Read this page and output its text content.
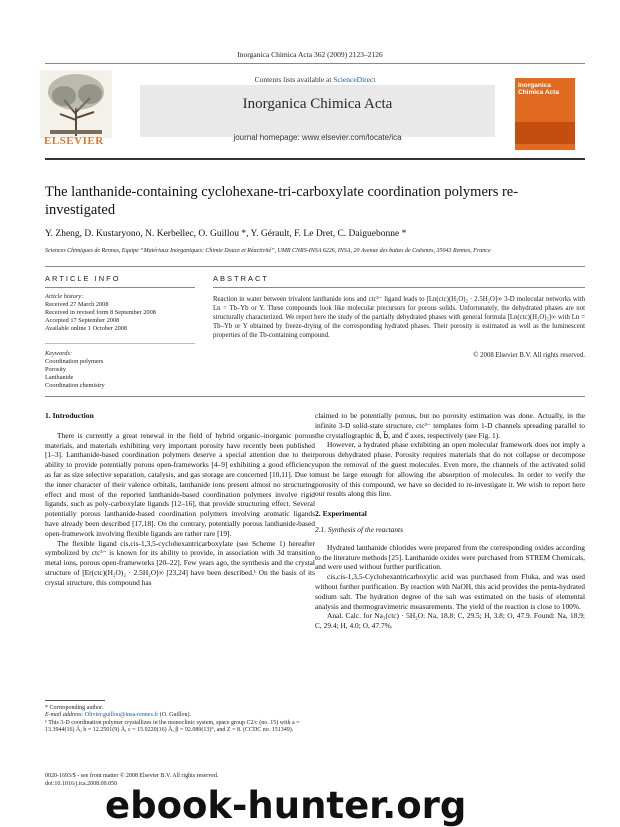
Inorganica Chimica Acta 362 (2009) 2123–2126
ELSEVIER
Contents lists available at ScienceDirect
Inorganica Chimica Acta
journal homepage: www.elsevier.com/locate/ica
Inorganica Chimica Acta
The lanthanide-containing cyclohexane-tri-carboxylate coordination polymers re-investigated
Y. Zheng, D. Kustaryono, N. Kerbellec, O. Guillou *, Y. Gérault, F. Le Dret, C. Daiguebonne *
Sciences Chimiques de Rennes, Equipe “Matériaux Inorganiques: Chimie Douce et Réactivité”, UMR CNRS-INSA 6226, INSA, 20 Avenue des buttes de Coësmes, 35043 Rennes, France
ARTICLE INFO
Article history:
Received 27 March 2008
Received in revised form 8 September 2008
Accepted 17 September 2008
Available online 1 October 2008
Keywords:
Coordination polymers
Porosity
Lanthanide
Coordination chemistry
ABSTRACT
Reaction in water between trivalent lanthanide ions and ctc³⁻ ligand leads to [Ln(ctc)(H₂O)₂ · 2.5H₂O]∞ 3-D molecular networks with Ln = Tb–Yb or Y. These compounds look like molecular precursors for porous solids. Unfortunately, the dehydrated phases are not structurally characterized. We report here the study of the partially dehydrated phases with general formula [Ln(ctc)(H₂O)₂]∞ with Ln = Tb–Yb or Y obtained by freeze-drying of the corresponding hydrated phases. Their porosity is estimated as well as the luminescent properties of the Tb-containing compound.
© 2008 Elsevier B.V. All rights reserved.
1. Introduction

There is currently a great renewal in the field of hybrid organic–inorganic porous materials, and materials exhibiting very important porosity have recently been published [1–3]. Lanthanide-based coordination polymers deserve a special attention due to their ability to provide potentially porous open-frameworks [4–9] exhibiting a good efficiency as far as size selective separation, catalysis, and gas storage are concerned [10,11]. Due to the inner character of their valence orbitals, lanthanide ions present almost no structuring effect and most of the reported lanthanide-based coordination polymers involve rigid ligands, such as poly-carboxylate ligands [12–16], that provide structuring effect. Several potentially porous lanthanide-based coordination polymers involving aromatic ligands have already been described [17,18]. On the contrary, potentially porous lanthanide-based open-framework involving flexible ligands are rather rare [19].

The flexible ligand cis,cis-1,3,5-cyclohexantricarboxylate (see Scheme 1) hereafter symbolized by ctc³⁻ is known for its ability to provide, in association with 3d transition metal ions, porous open-frameworks [20–22]. Few years ago, the synthesis and the crystal structure of [Er(ctc)(H₂O)₂ · 2.5H₂O]∞ [23,24] have been described.¹ On the basis of its crystal structure, this compound has

claimed to be potentially porous, but no porosity estimation was done. Actually, in the infinite 3-D solid-state structure, ctc³⁻ templates form 1-D channels spreading parallel to the crystallographic a⃗, b⃗, and c⃗ axes, respectively (see Fig. 1).

However, a hydrated phase exhibiting an open molecular framework does not imply a porous dehydrated phase. Porosity requires materials that do not collapse or decompose upon the removal of the guest molecules. Even more, the channels of the activated solid must be large enough for allowing the absorption of molecules. In order to verify the porosity of this compound, we have so decided to re-investigate it. We wish to report here our results along this line.

2. Experimental
2.1. Synthesis of the reactants

Hydrated lanthanide chlorides were prepared from the corresponding oxides according to the literature methods [25]. Lanthanide oxides were purchased from STREM Chemicals, and were used without further purification.

cis,cis-1,3,5-Cyclohexantricarboxylic acid was purchased from Fluka, and was used without further purification. By reaction with NaOH, this acid provides the penta-hydrated sodium salt. The hydration degree of the salt was estimated on the basis of elemental analysis and thermogravimetric measurements. The yield of the reaction is close to 100%.

Anal. Calc. for Na₃(ctc) · 5H₂O: Na, 18.8; C, 29.5; H, 3.8; O, 47.9. Found: Na, 18.9; C, 29.4; H, 4.0; O, 47.7%.

* Corresponding author.
E-mail address: Olivier.guillou@insa-rennes.fr (O. Guillou).
¹ This 3-D coordination polymer crystallizes in the monoclinic system, space group C2/c (no. 15) with a = 13.3944(16) Å, b = 12.2501(9) Å, c = 15.9220(16) Å, β = 92.089(13)°, and Z = 8. (CCDC no. 151349).
0020-1693/$ - see front matter © 2008 Elsevier B.V. All rights reserved.
doi:10.1016/j.ica.2008.09.050
ebook-hunter.org
